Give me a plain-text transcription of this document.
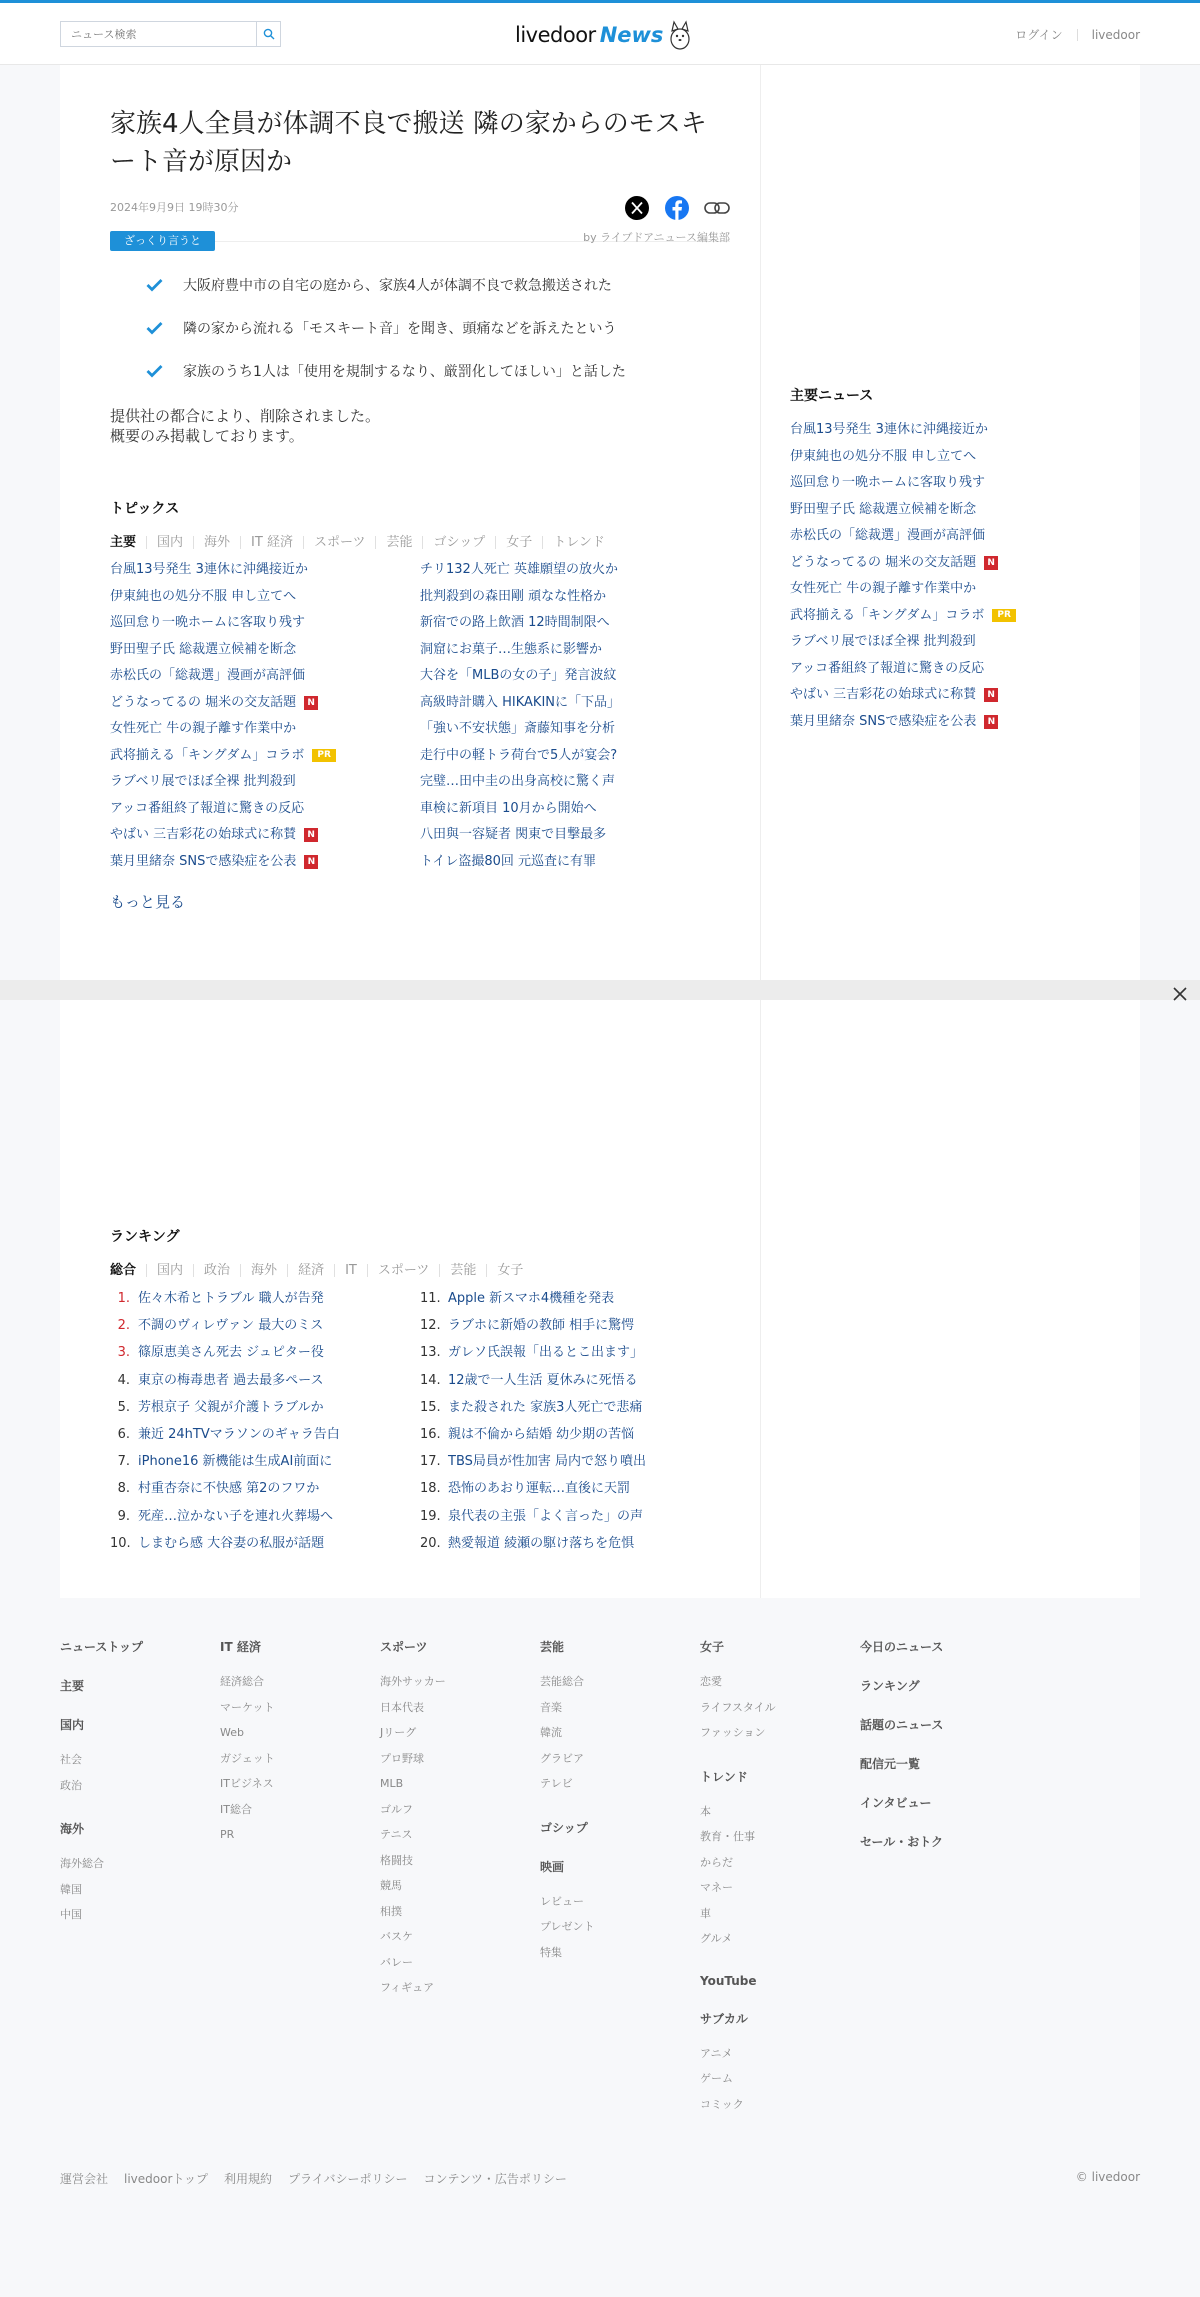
ニュース検索
livedoor News	ログイン livedoor
家族4人全員が体調不良で搬送 隣の家からのモスキート音が原因か
2024年9月9日 19時30分
ざっくり言うと	by ライブドアニュース編集部
大阪府豊中市の自宅の庭から、家族4人が体調不良で救急搬送された
隣の家から流れる「モスキート音」を聞き、頭痛などを訴えたという
家族のうち1人は「使用を規制するなり、厳罰化してほしい」と話した
提供社の都合により、削除されました。
概要のみ掲載しております。
トピックス
主要	国内	海外	IT 経済	スポーツ	芸能	ゴシップ	女子	トレンド
台風13号発生 3連休に沖縄接近か
伊東純也の処分不服 申し立てへ
巡回怠り一晩ホームに客取り残す
野田聖子氏 総裁選立候補を断念
赤松氏の「総裁選」漫画が高評価
どうなってるの 堀米の交友話題	N
女性死亡 牛の親子離す作業中か
武将揃える「キングダム」コラボ	PR
ラブベリ展でほぼ全裸 批判殺到
アッコ番組終了報道に驚きの反応
やばい 三吉彩花の始球式に称賛	N
葉月里緒奈 SNSで感染症を公表	N
チリ132人死亡 英雄願望の放火か
批判殺到の森田剛 頑なな性格か
新宿での路上飲酒 12時間制限へ
洞窟にお菓子…生態系に影響か
大谷を「MLBの女の子」発言波紋
高級時計購入 HIKAKINに「下品」
「強い不安状態」斎藤知事を分析
走行中の軽トラ荷台で5人が宴会?
完璧…田中圭の出身高校に驚く声
車検に新項目 10月から開始へ
八田與一容疑者 関東で目撃最多
トイレ盗撮80回 元巡査に有罪
もっと見る
主要ニュース
台風13号発生 3連休に沖縄接近か
伊東純也の処分不服 申し立てへ
巡回怠り一晩ホームに客取り残す
野田聖子氏 総裁選立候補を断念
赤松氏の「総裁選」漫画が高評価
どうなってるの 堀米の交友話題	N
女性死亡 牛の親子離す作業中か
武将揃える「キングダム」コラボ	PR
ラブベリ展でほぼ全裸 批判殺到
アッコ番組終了報道に驚きの反応
やばい 三吉彩花の始球式に称賛	N
葉月里緒奈 SNSで感染症を公表	N
ランキング
総合	国内	政治	海外	経済	IT	スポーツ	芸能	女子
1. 佐々木希とトラブル 職人が告発
2. 不調のヴィレヴァン 最大のミス
3. 篠原恵美さん死去 ジュピター役
4. 東京の梅毒患者 過去最多ペース
5. 芳根京子 父親が介護トラブルか
6. 兼近 24hTVマラソンのギャラ告白
7. iPhone16 新機能は生成AI前面に
8. 村重杏奈に不快感 第2のフワか
9. 死産…泣かない子を連れ火葬場へ
10. しまむら感 大谷妻の私服が話題
11. Apple 新スマホ4機種を発表
12. ラブホに新婚の教師 相手に驚愕
13. ガレソ氏誤報「出るとこ出ます」
14. 12歳で一人生活 夏休みに死悟る
15. また殺された 家族3人死亡で悲痛
16. 親は不倫から結婚 幼少期の苦悩
17. TBS局員が性加害 局内で怒り噴出
18. 恐怖のあおり運転…直後に天罰
19. 泉代表の主張「よく言った」の声
20. 熱愛報道 綾瀬の駆け落ちを危惧
ニューストップ
主要
国内
社会
政治
海外
海外総合
韓国
中国
IT 経済
経済総合
マーケット
Web
ガジェット
ITビジネス
IT総合
PR
スポーツ
海外サッカー
日本代表
Jリーグ
プロ野球
MLB
ゴルフ
テニス
格闘技
競馬
相撲
バスケ
バレー
フィギュア
芸能
芸能総合
音楽
韓流
グラビア
テレビ
ゴシップ
映画
レビュー
プレゼント
特集
女子
恋愛
ライフスタイル
ファッション
トレンド
本
教育・仕事
からだ
マネー
車
グルメ
YouTube
サブカル
アニメ
ゲーム
コミック
今日のニュース
ランキング
話題のニュース
配信元一覧
インタビュー
セール・おトク
運営会社 livedoorトップ 利用規約 プライバシーポリシー コンテンツ・広告ポリシー	© livedoor
